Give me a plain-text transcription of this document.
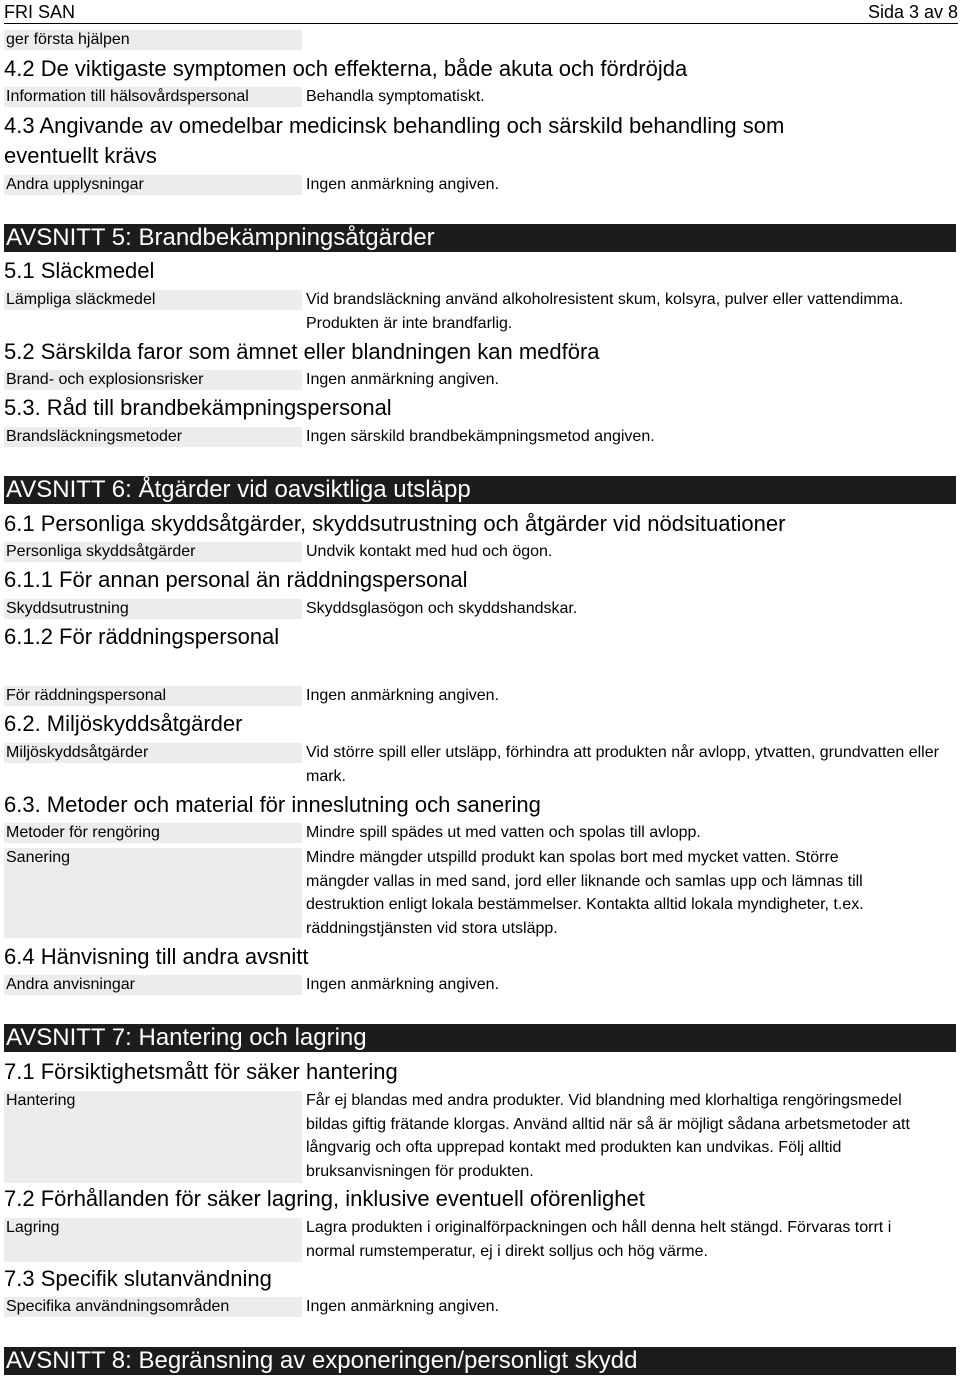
FRI SAN	Sida 3 av 8
ger första hjälpen
4.2 De viktigaste symptomen och effekterna, både akuta och fördröjda
Information till hälsovårdspersonal	Behandla symptomatiskt.
4.3 Angivande av omedelbar medicinsk behandling och särskild behandling som
eventuellt krävs
Andra upplysningar	Ingen anmärkning angiven.
AVSNITT 5: Brandbekämpningsåtgärder
5.1 Släckmedel
Lämpliga släckmedel	Vid brandsläckning använd alkoholresistent skum, kolsyra, pulver eller vattendimma. Produkten är inte brandfarlig.
5.2 Särskilda faror som ämnet eller blandningen kan medföra
Brand- och explosionsrisker	Ingen anmärkning angiven.
5.3. Råd till brandbekämpningspersonal
Brandsläckningsmetoder	Ingen särskild brandbekämpningsmetod angiven.
AVSNITT 6: Åtgärder vid oavsiktliga utsläpp
6.1 Personliga skyddsåtgärder, skyddsutrustning och åtgärder vid nödsituationer
Personliga skyddsåtgärder	Undvik kontakt med hud och ögon.
6.1.1 För annan personal än räddningspersonal
Skyddsutrustning	Skyddsglasögon och skyddshandskar.
6.1.2 För räddningspersonal
För räddningspersonal	Ingen anmärkning angiven.
6.2. Miljöskyddsåtgärder
Miljöskyddsåtgärder	Vid större spill eller utsläpp, förhindra att produkten når avlopp, ytvatten, grundvatten eller mark.
6.3. Metoder och material för inneslutning och sanering
Metoder för rengöring	Mindre spill spädes ut med vatten och spolas till avlopp.
Sanering	Mindre mängder utspilld produkt kan spolas bort med mycket vatten. Större mängder vallas in med sand, jord eller liknande och samlas upp och lämnas till destruktion enligt lokala bestämmelser. Kontakta alltid lokala myndigheter, t.ex. räddningstjänsten vid stora utsläpp.
6.4 Hänvisning till andra avsnitt
Andra anvisningar	Ingen anmärkning angiven.
AVSNITT 7: Hantering och lagring
7.1 Försiktighetsmått för säker hantering
Hantering	Får ej blandas med andra produkter. Vid blandning med klorhaltiga rengöringsmedel bildas giftig frätande klorgas. Använd alltid när så är möjligt sådana arbetsmetoder att långvarig och ofta upprepad kontakt med produkten kan undvikas. Följ alltid bruksanvisningen för produkten.
7.2 Förhållanden för säker lagring, inklusive eventuell oförenlighet
Lagring	Lagra produkten i originalförpackningen och håll denna helt stängd. Förvaras torrt i normal rumstemperatur, ej i direkt solljus och hög värme.
7.3 Specifik slutanvändning
Specifika användningsområden	Ingen anmärkning angiven.
AVSNITT 8: Begränsning av exponeringen/personligt skydd
